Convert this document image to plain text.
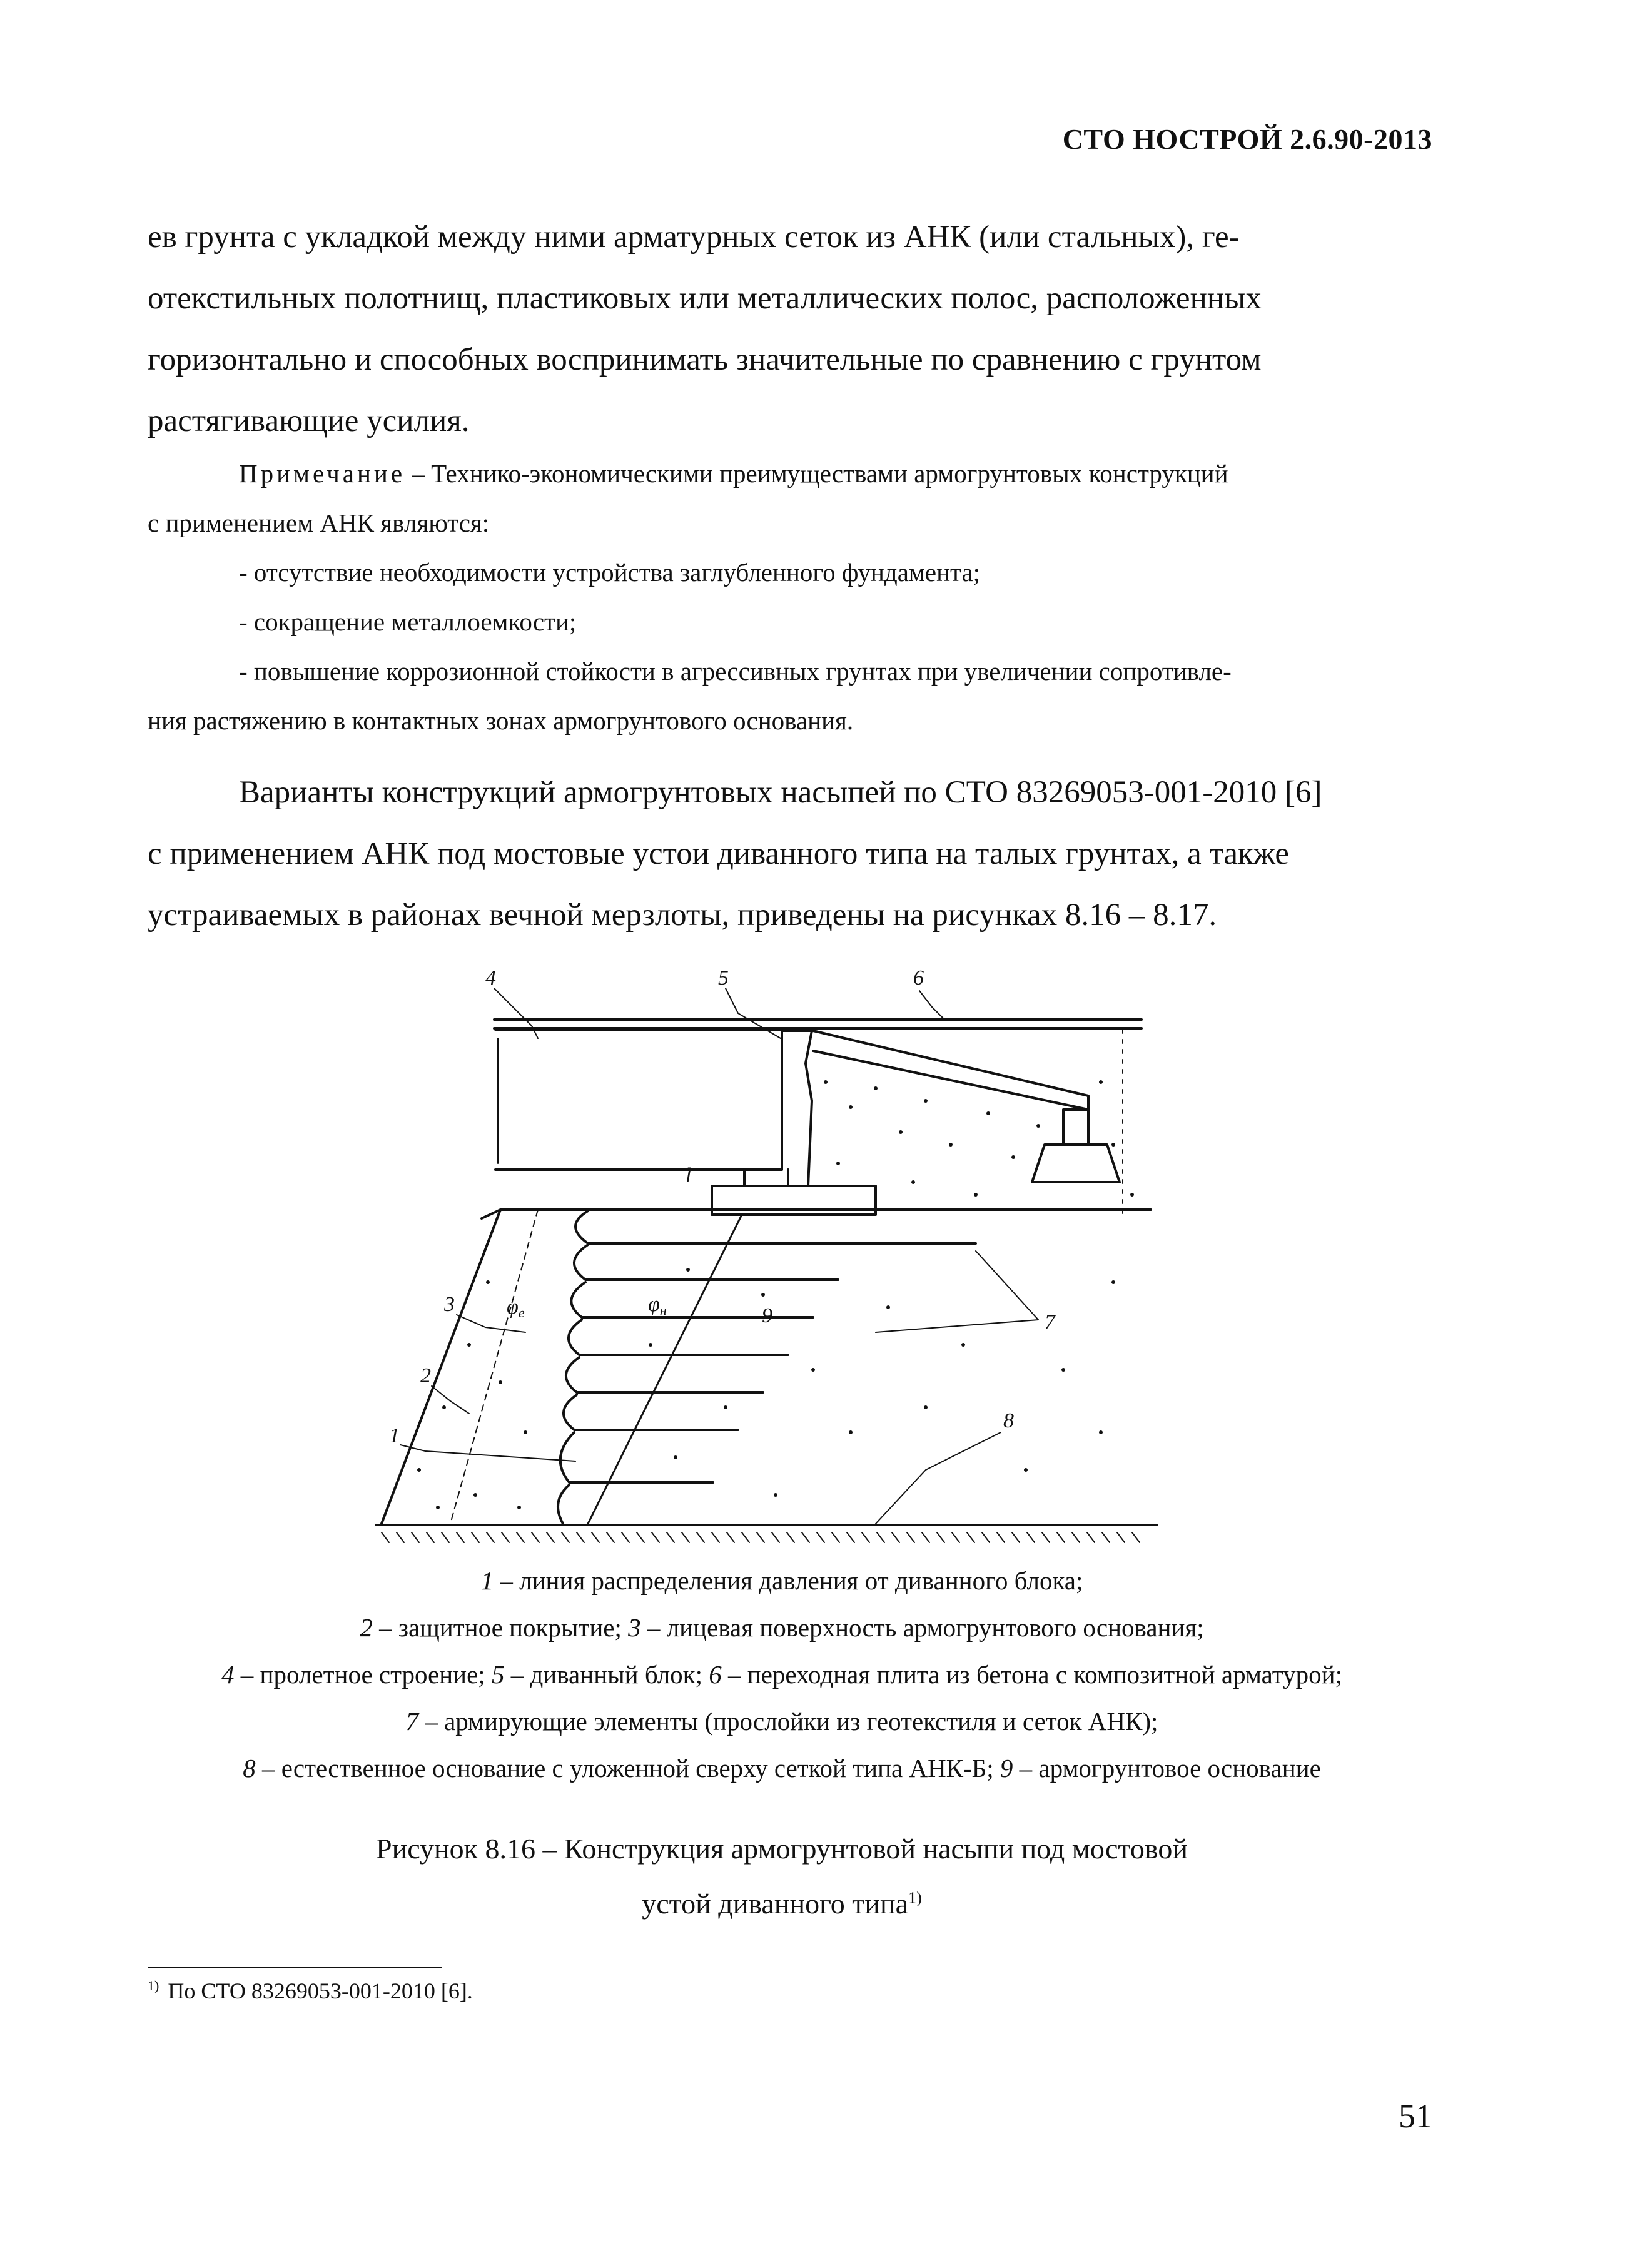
СТО НОСТРОЙ 2.6.90-2013

ев грунта с укладкой между ними арматурных сеток из АНК (или стальных), ге-

отекстильных полотнищ, пластиковых или металлических полос, расположенных

горизонтально и способных воспринимать значительные по сравнению с грунтом

растягивающие усилия.

Примечание – Технико-экономическими преимуществами армогрунтовых конструкций

с применением АНК являются:

- отсутствие необходимости устройства заглубленного фундамента;

- сокращение металлоемкости;

- повышение коррозионной стойкости в агрессивных грунтах при увеличении сопротивле-

ния растяжению в контактных зонах армогрунтового основания.

Варианты конструкций армогрунтовых насыпей по СТО 83269053-001-2010 [6]

с применением АНК под мостовые устои диванного типа на талых грунтах, а также

устраиваемых в районах вечной мерзлоты, приведены на рисунках 8.16 – 8.17.

4	5	6
7
8
9
3
2
1
l
φе	φн
1 – линия распределения давления от диванного блока;
2 – защитное покрытие; 3 – лицевая поверхность армогрунтового основания;
4 – пролетное строение; 5 – диванный блок; 6 – переходная плита из бетона с композитной арматурой;
7 – армирующие элементы (прослойки из геотекстиля и сеток АНК);
8 – естественное основание с уложенной сверху сеткой типа АНК-Б; 9 – армогрунтовое основание
Рисунок 8.16 – Конструкция армогрунтовой насыпи под мостовой
устой диванного типа$^{1)}$
$^{1)}$ По СТО 83269053-001-2010 [6].
51
